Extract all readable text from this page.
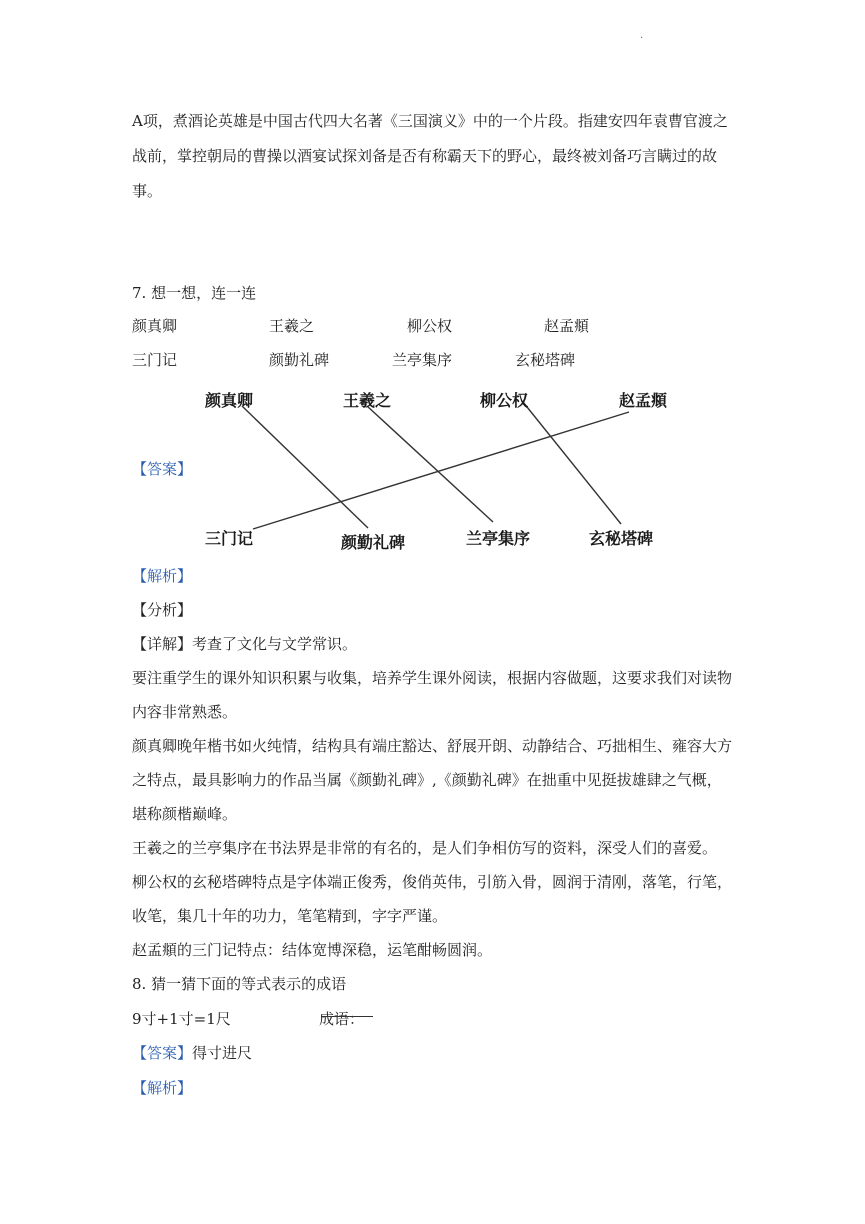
.
A项，煮酒论英雄是中国古代四大名著《三国演义》中的一个片段。指建安四年袁曹官渡之战前，掌控朝局的曹操以酒宴试探刘备是否有称霸天下的野心，最终被刘备巧言瞒过的故事。
7. 想一想，连一连
颜真卿	王羲之	柳公权	赵孟頫
三门记	颜勤礼碑	兰亭集序	玄秘塔碑
【答案】
颜真卿	王羲之	柳公权	赵孟頫
三门记	颜勤礼碑	兰亭集序	玄秘塔碑
【解析】
【分析】
【详解】考查了文化与文学常识。
要注重学生的课外知识积累与收集，培养学生课外阅读，根据内容做题，这要求我们对读物内容非常熟悉。
颜真卿晚年楷书如火纯情，结构具有端庄豁达、舒展开朗、动静结合、巧拙相生、雍容大方之特点，最具影响力的作品当属《颜勤礼碑》,《颜勤礼碑》在拙重中见挺拔雄肆之气概，堪称颜楷巅峰。
王羲之的兰亭集序在书法界是非常的有名的，是人们争相仿写的资料，深受人们的喜爱。
柳公权的玄秘塔碑特点是字体端正俊秀，俊俏英伟，引筋入骨，圆润于清刚，落笔，行笔，收笔，集几十年的功力，笔笔精到，字字严谨。
赵孟頫的三门记特点：结体宽博深稳，运笔酣畅圆润。
8. 猜一猜下面的等式表示的成语
9寸+1寸=1尺	成语：
【答案】得寸进尺
【解析】
